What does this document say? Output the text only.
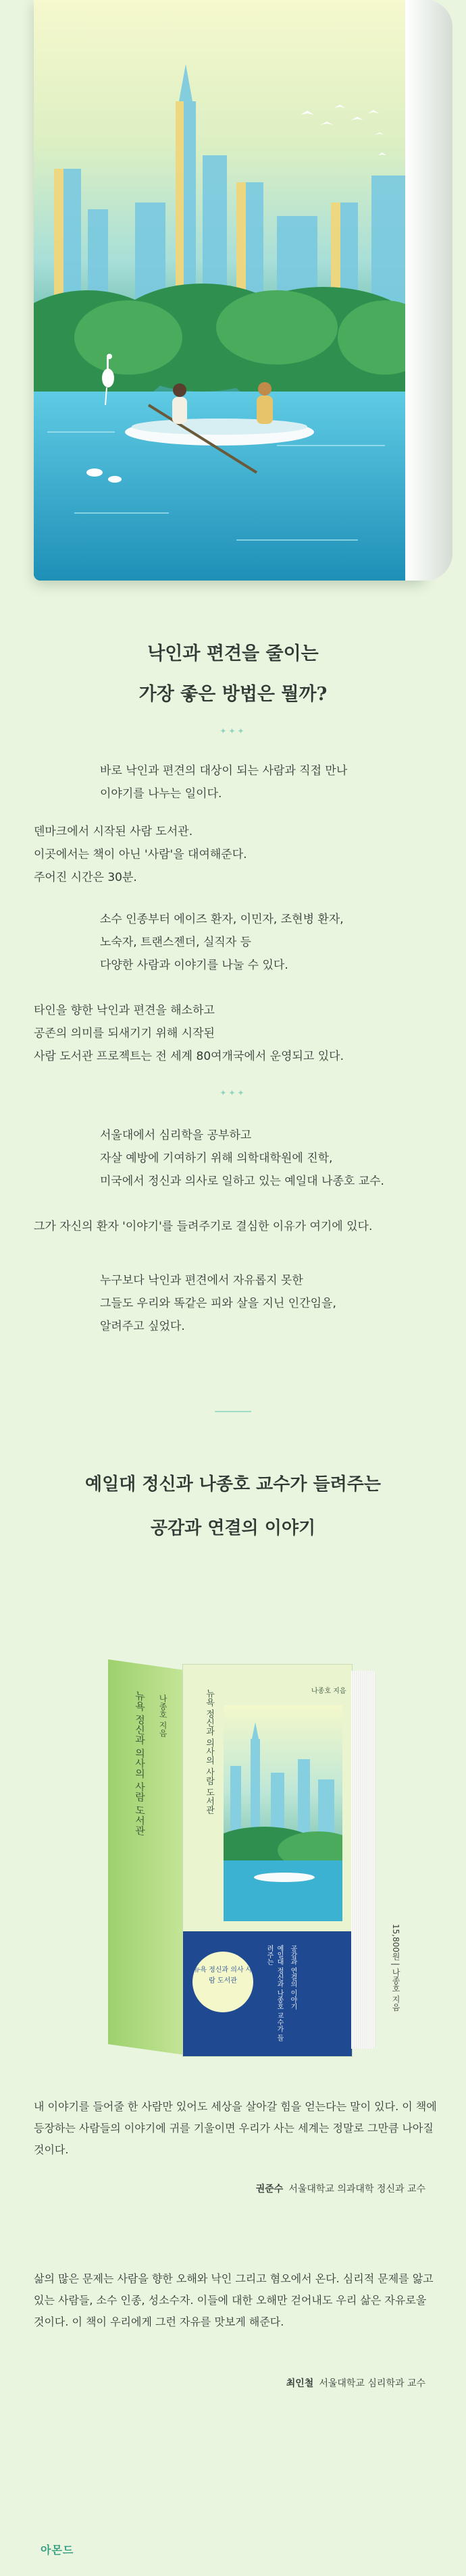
낙인과 편견을 줄이는
가장 좋은 방법은 뭘까?
✦✦✦
바로 낙인과 편견의 대상이 되는 사람과 직접 만나
이야기를 나누는 일이다.
덴마크에서 시작된 사람 도서관.
이곳에서는 책이 아닌 '사람'을 대여해준다.
주어진 시간은 30분.
소수 인종부터 에이즈 환자, 이민자, 조현병 환자,
노숙자, 트랜스젠더, 실직자 등
다양한 사람과 이야기를 나눌 수 있다.
타인을 향한 낙인과 편견을 해소하고
공존의 의미를 되새기기 위해 시작된
사람 도서관 프로젝트는 전 세계 80여개국에서 운영되고 있다.
✦✦✦
서울대에서 심리학을 공부하고
자살 예방에 기여하기 위해 의학대학원에 진학,
미국에서 정신과 의사로 일하고 있는 예일대 나종호 교수.
그가 자신의 환자 '이야기'를 들려주기로 결심한 이유가 여기에 있다.
누구보다 낙인과 편견에서 자유롭지 못한
그들도 우리와 똑같은 피와 살을 지닌 인간임을,
알려주고 싶었다.
예일대 정신과 나종호 교수가 들려주는
공감과 연결의 이야기
뉴욕 정신과 의사의 사람 도서관	나종호 지음	뉴욕 정신과 의사의 사람 도서관	나종호 지음
뉴욕 정신과 의사 사람 도서관	예일대 정신과 나종호 교수가 들려주는	공감과 연결의 이야기	15,800원 | 나종호 지음
내 이야기를 들어줄 한 사람만 있어도 세상을 살아갈 힘을 얻는다는 말이 있다. 이 책에 등장하는 사람들의 이야기에 귀를 기울이면 우리가 사는 세계는 정말로 그만큼 나아질 것이다.
권준수 서울대학교 의과대학 정신과 교수
삶의 많은 문제는 사람을 향한 오해와 낙인 그리고 혐오에서 온다. 심리적 문제를 앓고 있는 사람들, 소수 인종, 성소수자. 이들에 대한 오해만 걷어내도 우리 삶은 자유로울 것이다. 이 책이 우리에게 그런 자유를 맛보게 해준다.
최인철 서울대학교 심리학과 교수
아몬드
